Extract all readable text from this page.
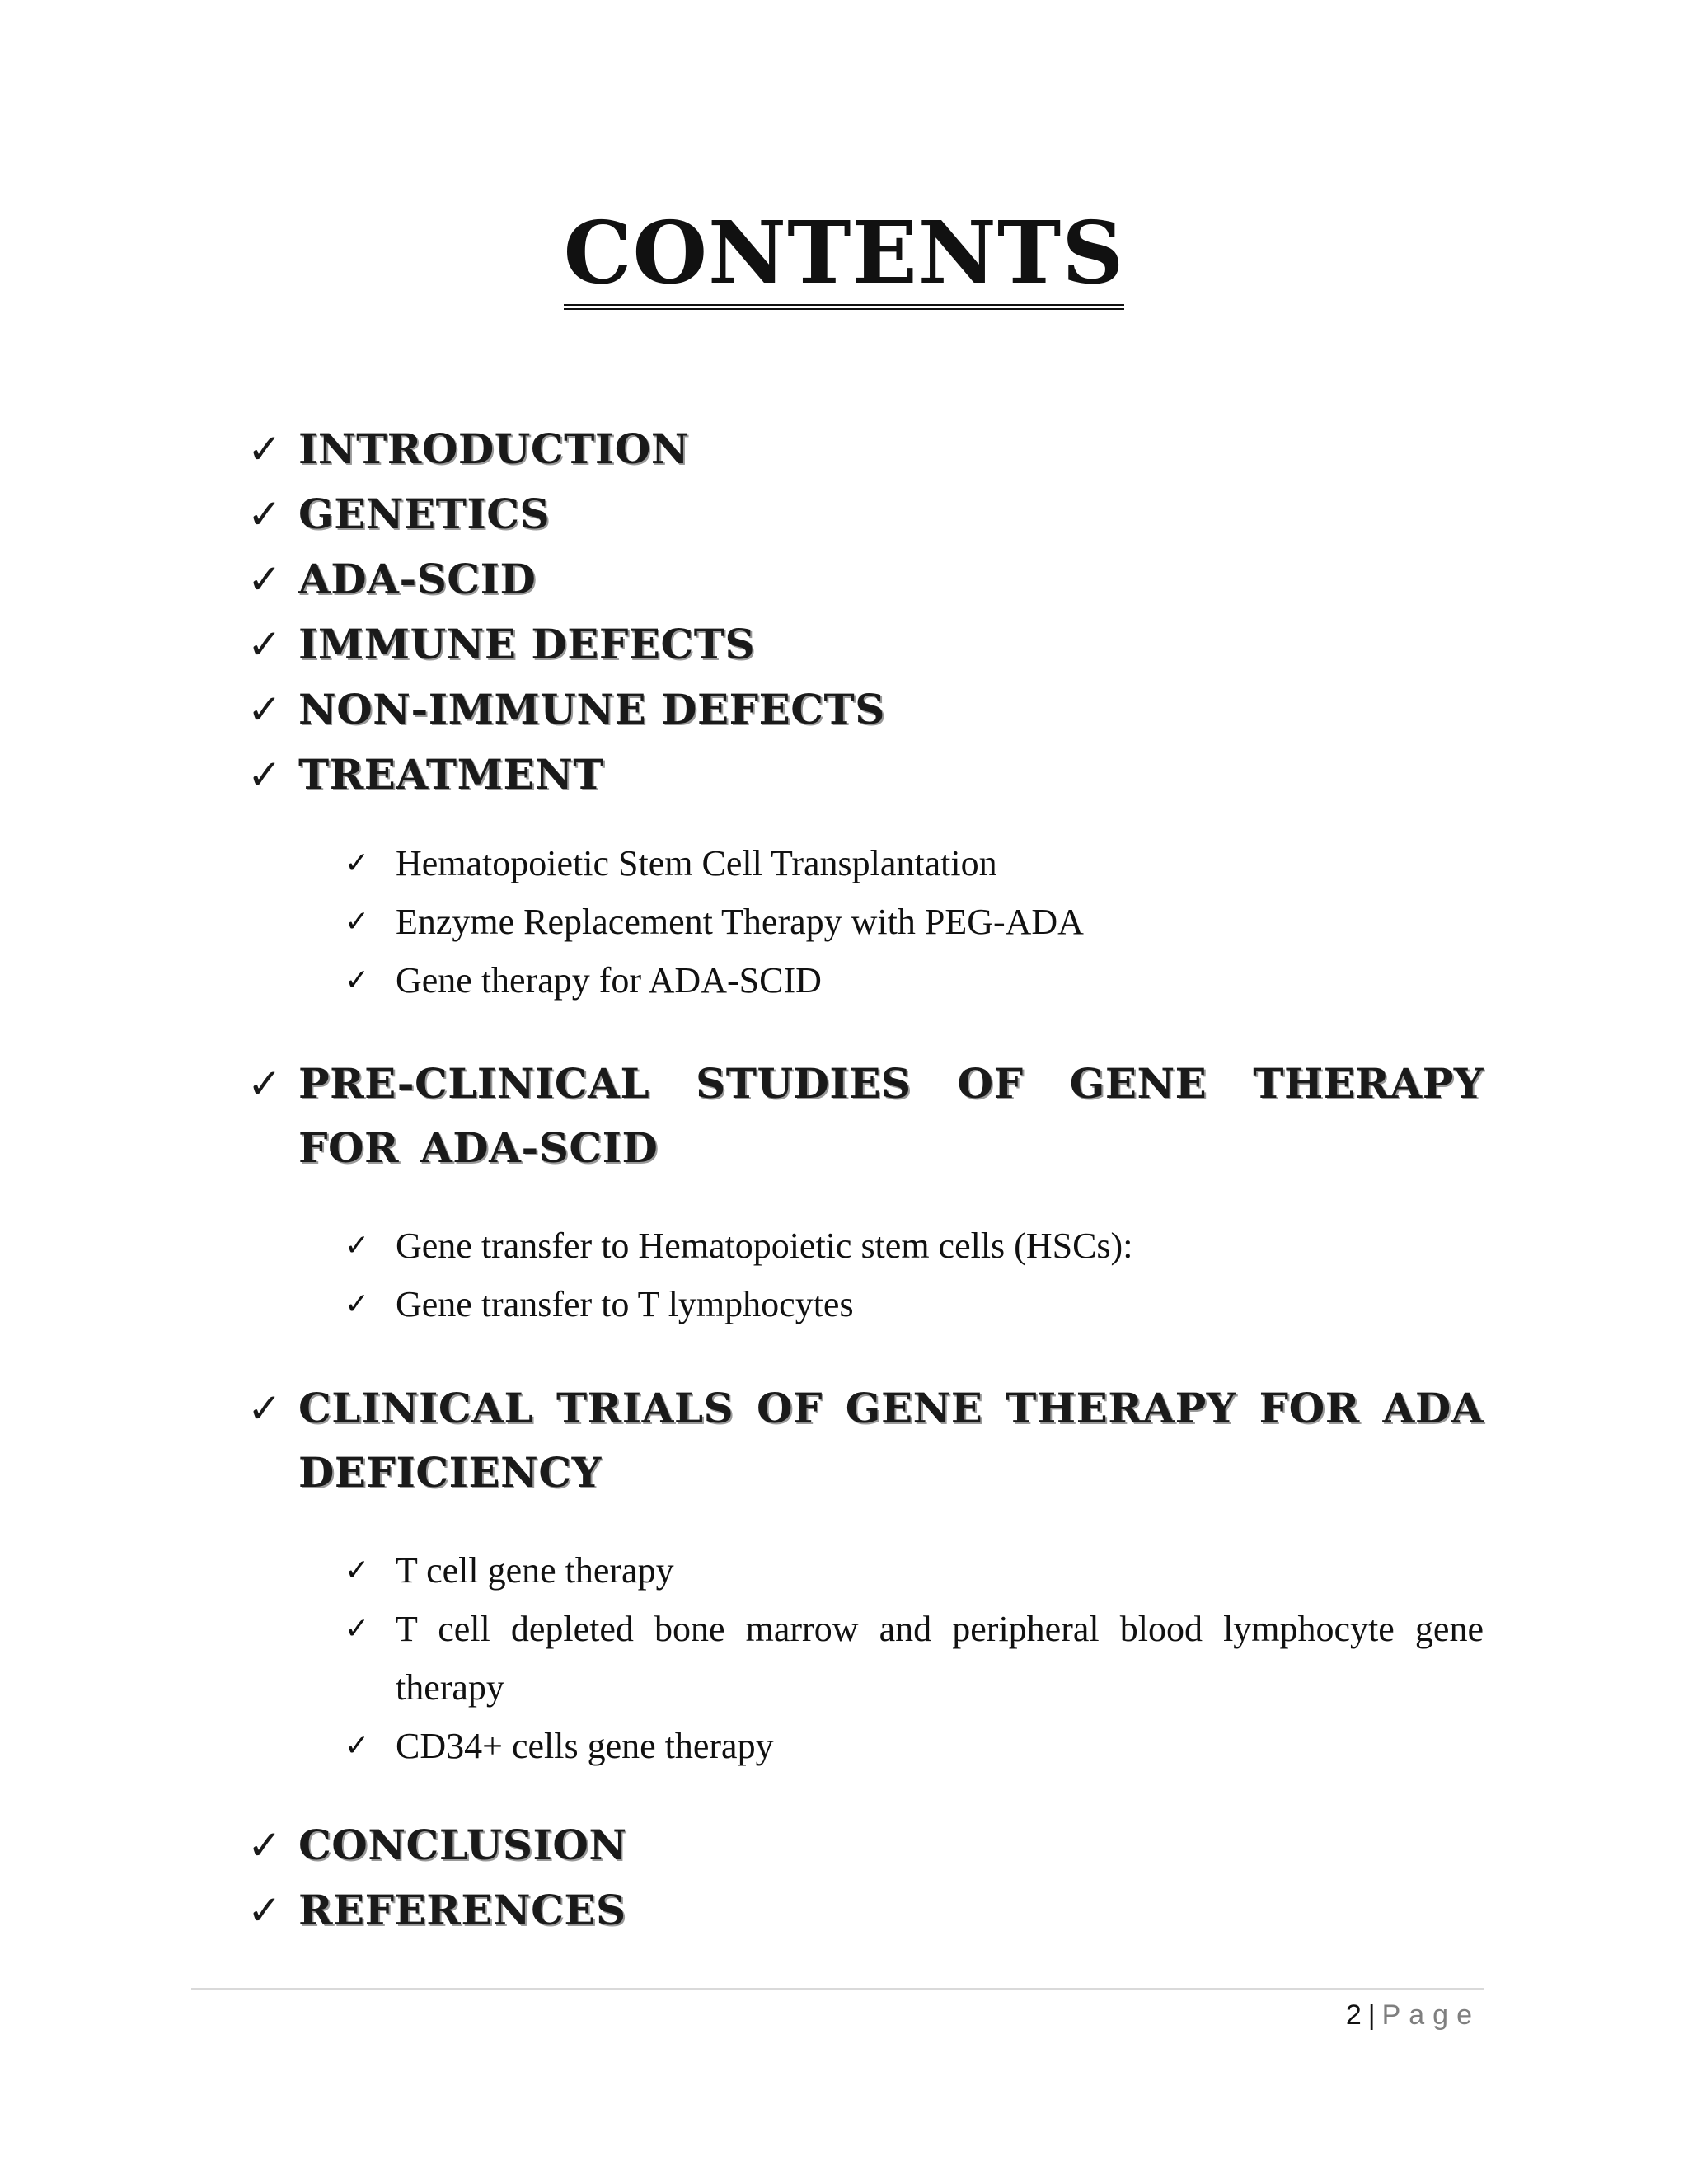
CONTENTS
✓ INTRODUCTION
✓ GENETICS
✓ ADA-SCID
✓ IMMUNE DEFECTS
✓ NON-IMMUNE DEFECTS
✓ TREATMENT
✓ Hematopoietic Stem Cell Transplantation
✓ Enzyme Replacement Therapy with PEG-ADA
✓ Gene therapy for ADA-SCID
✓ PRE-CLINICAL STUDIES OF GENE THERAPY FOR ADA-SCID
✓ Gene transfer to Hematopoietic stem cells (HSCs):
✓ Gene transfer to T lymphocytes
✓ CLINICAL TRIALS OF GENE THERAPY FOR ADA DEFICIENCY
✓ T cell gene therapy
✓ T cell depleted bone marrow and peripheral blood lymphocyte gene therapy
✓ CD34+ cells gene therapy
✓ CONCLUSION
✓ REFERENCES
2 | Page
